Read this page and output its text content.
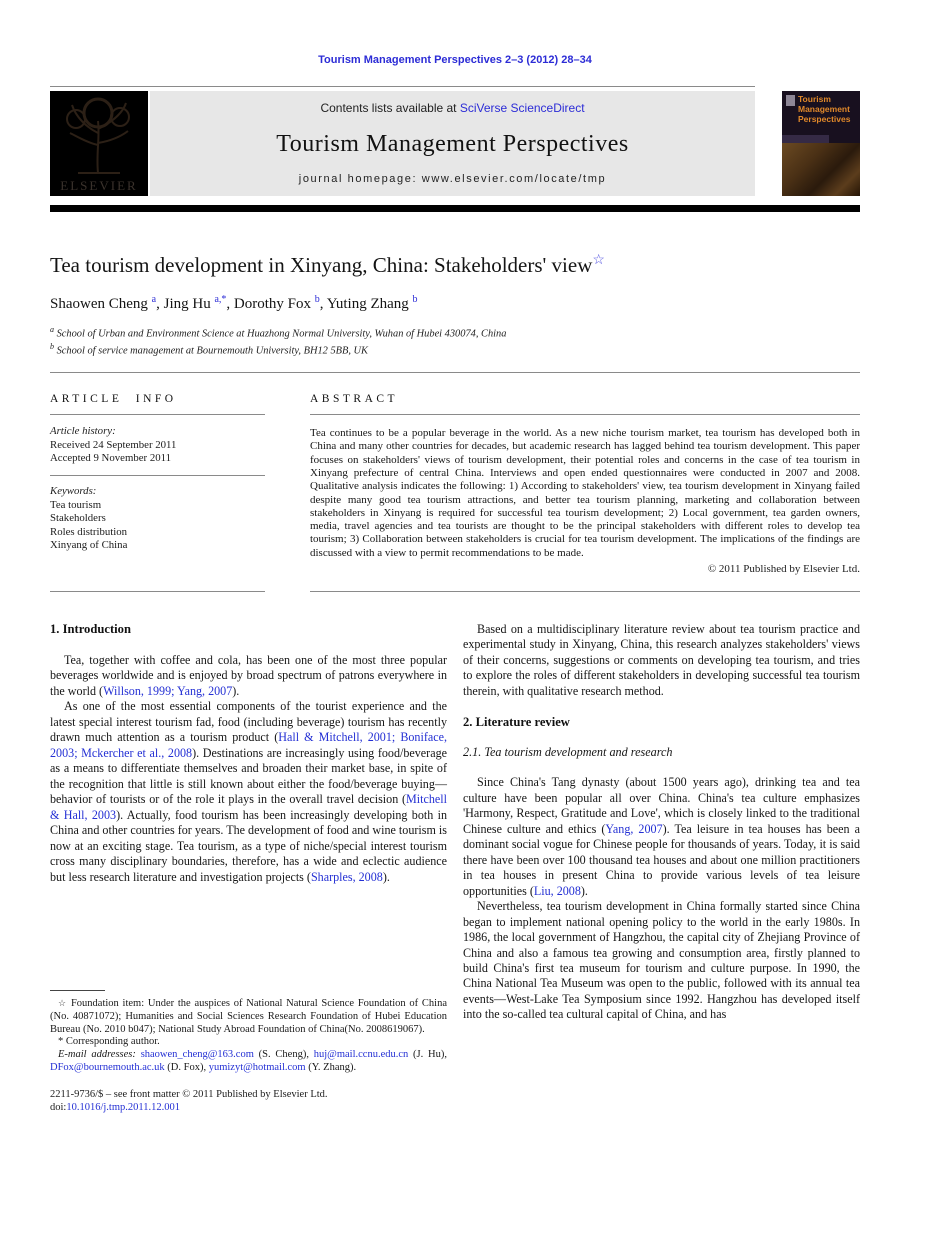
Tourism Management Perspectives 2–3 (2012) 28–34
ELSEVIER
Contents lists available at SciVerse ScienceDirect
Tourism Management Perspectives
journal homepage: www.elsevier.com/locate/tmp
Tourism Management Perspectives
Tea tourism development in Xinyang, China: Stakeholders' view☆
Shaowen Cheng $^a$, Jing Hu $^{a,*}$, Dorothy Fox $^b$, Yuting Zhang $^b$
$^a$ School of Urban and Environment Science at Huazhong Normal University, Wuhan of Hubei 430074, China
$^b$ School of service management at Bournemouth University, BH12 5BB, UK
ARTICLE INFO
Article history:
Received 24 September 2011
Accepted 9 November 2011
Keywords:
Tea tourism
Stakeholders
Roles distribution
Xinyang of China
ABSTRACT
Tea continues to be a popular beverage in the world. As a new niche tourism market, tea tourism has developed both in China and many other countries for decades, but academic research has lagged behind tea tourism development. This paper focuses on stakeholders' views of tourism development, their potential roles and concerns in the case of tea tourism in Xinyang prefecture of central China. Interviews and open ended questionnaires were conducted in 2007 and 2008. Qualitative analysis indicates the following: 1) According to stakeholders' view, tea tourism development in Xinyang failed despite many good tea tourism attractions, and better tea tourism planning, marketing and collaboration between stakeholders in Xinyang is required for successful tea tourism development; 2) Local government, tea garden owners, media, travel agencies and tea tourists are thought to be the principal stakeholders with different roles to develop tea tourism; 3) Collaboration between stakeholders is crucial for tea tourism development. The implications of the findings are discussed with a view to permit recommendations to be made.
© 2011 Published by Elsevier Ltd.
1. Introduction

Tea, together with coffee and cola, has been one of the most three popular beverages worldwide and is enjoyed by broad spectrum of patrons everywhere in the world (Willson, 1999; Yang, 2007).

As one of the most essential components of the tourist experience and the latest special interest tourism fad, food (including beverage) tourism has recently drawn much attention as a tourism product (Hall & Mitchell, 2001; Boniface, 2003; Mckercher et al., 2008). Destinations are increasingly using food/beverage as a means to differentiate themselves and broaden their market base, in spite of the recognition that little is still known about either the food/beverage buying—behavior of tourists or of the role it plays in the overall travel decision (Mitchell & Hall, 2003). Actually, food tourism has been increasingly developing both in China and other countries for years. The development of food and wine tourism is now at an exciting stage. Tea tourism, as a type of niche/special interest tourism cross many disciplinary boundaries, therefore, has a wide and eclectic audience but less research literature and investigation projects (Sharples, 2008).

☆ Foundation item: Under the auspices of National Natural Science Foundation of China (No. 40871072); Humanities and Social Sciences Research Foundation of Hubei Education Bureau (No. 2010 b047); National Study Abroad Foundation of China(No. 2008619067).
* Corresponding author.
E-mail addresses: shaowen_cheng@163.com (S. Cheng), huj@mail.ccnu.edu.cn (J. Hu), DFox@bournemouth.ac.uk (D. Fox), yumizyt@hotmail.com (Y. Zhang).
2211-9736/$ – see front matter © 2011 Published by Elsevier Ltd.
doi:10.1016/j.tmp.2011.12.001

Based on a multidisciplinary literature review about tea tourism practice and experimental study in Xinyang, China, this research analyzes stakeholders' views of their concerns, suggestions or comments on developing tea tourism, and tries to explore the roles of different stakeholders in developing successful tea tourism therein, with qualitative research method.

2. Literature review
2.1. Tea tourism development and research

Since China's Tang dynasty (about 1500 years ago), drinking tea and tea culture have been popular all over China. China's tea culture emphasizes 'Harmony, Respect, Gratitude and Love', which is closely linked to the traditional Chinese culture and ethics (Yang, 2007). Tea leisure in tea houses has been a dominant social vogue for Chinese people for thousands of years. Today, it is said there have been over 100 thousand tea houses and about one million practitioners in tea houses in present China to provide various levels of tea leisure opportunities (Liu, 2008).

Nevertheless, tea tourism development in China formally started since China began to implement national opening policy to the world in the early 1980s. In 1986, the local government of Hangzhou, the capital city of Zhejiang Province of China and also a famous tea growing and consumption area, firstly planned to build China's first tea museum for tourism and culture purpose. In 1990, the China National Tea Museum was open to the public, followed with its annual tea events—West-Lake Tea Symposium since 1992. Hangzhou has developed itself into the so-called tea cultural capital of China, and has
